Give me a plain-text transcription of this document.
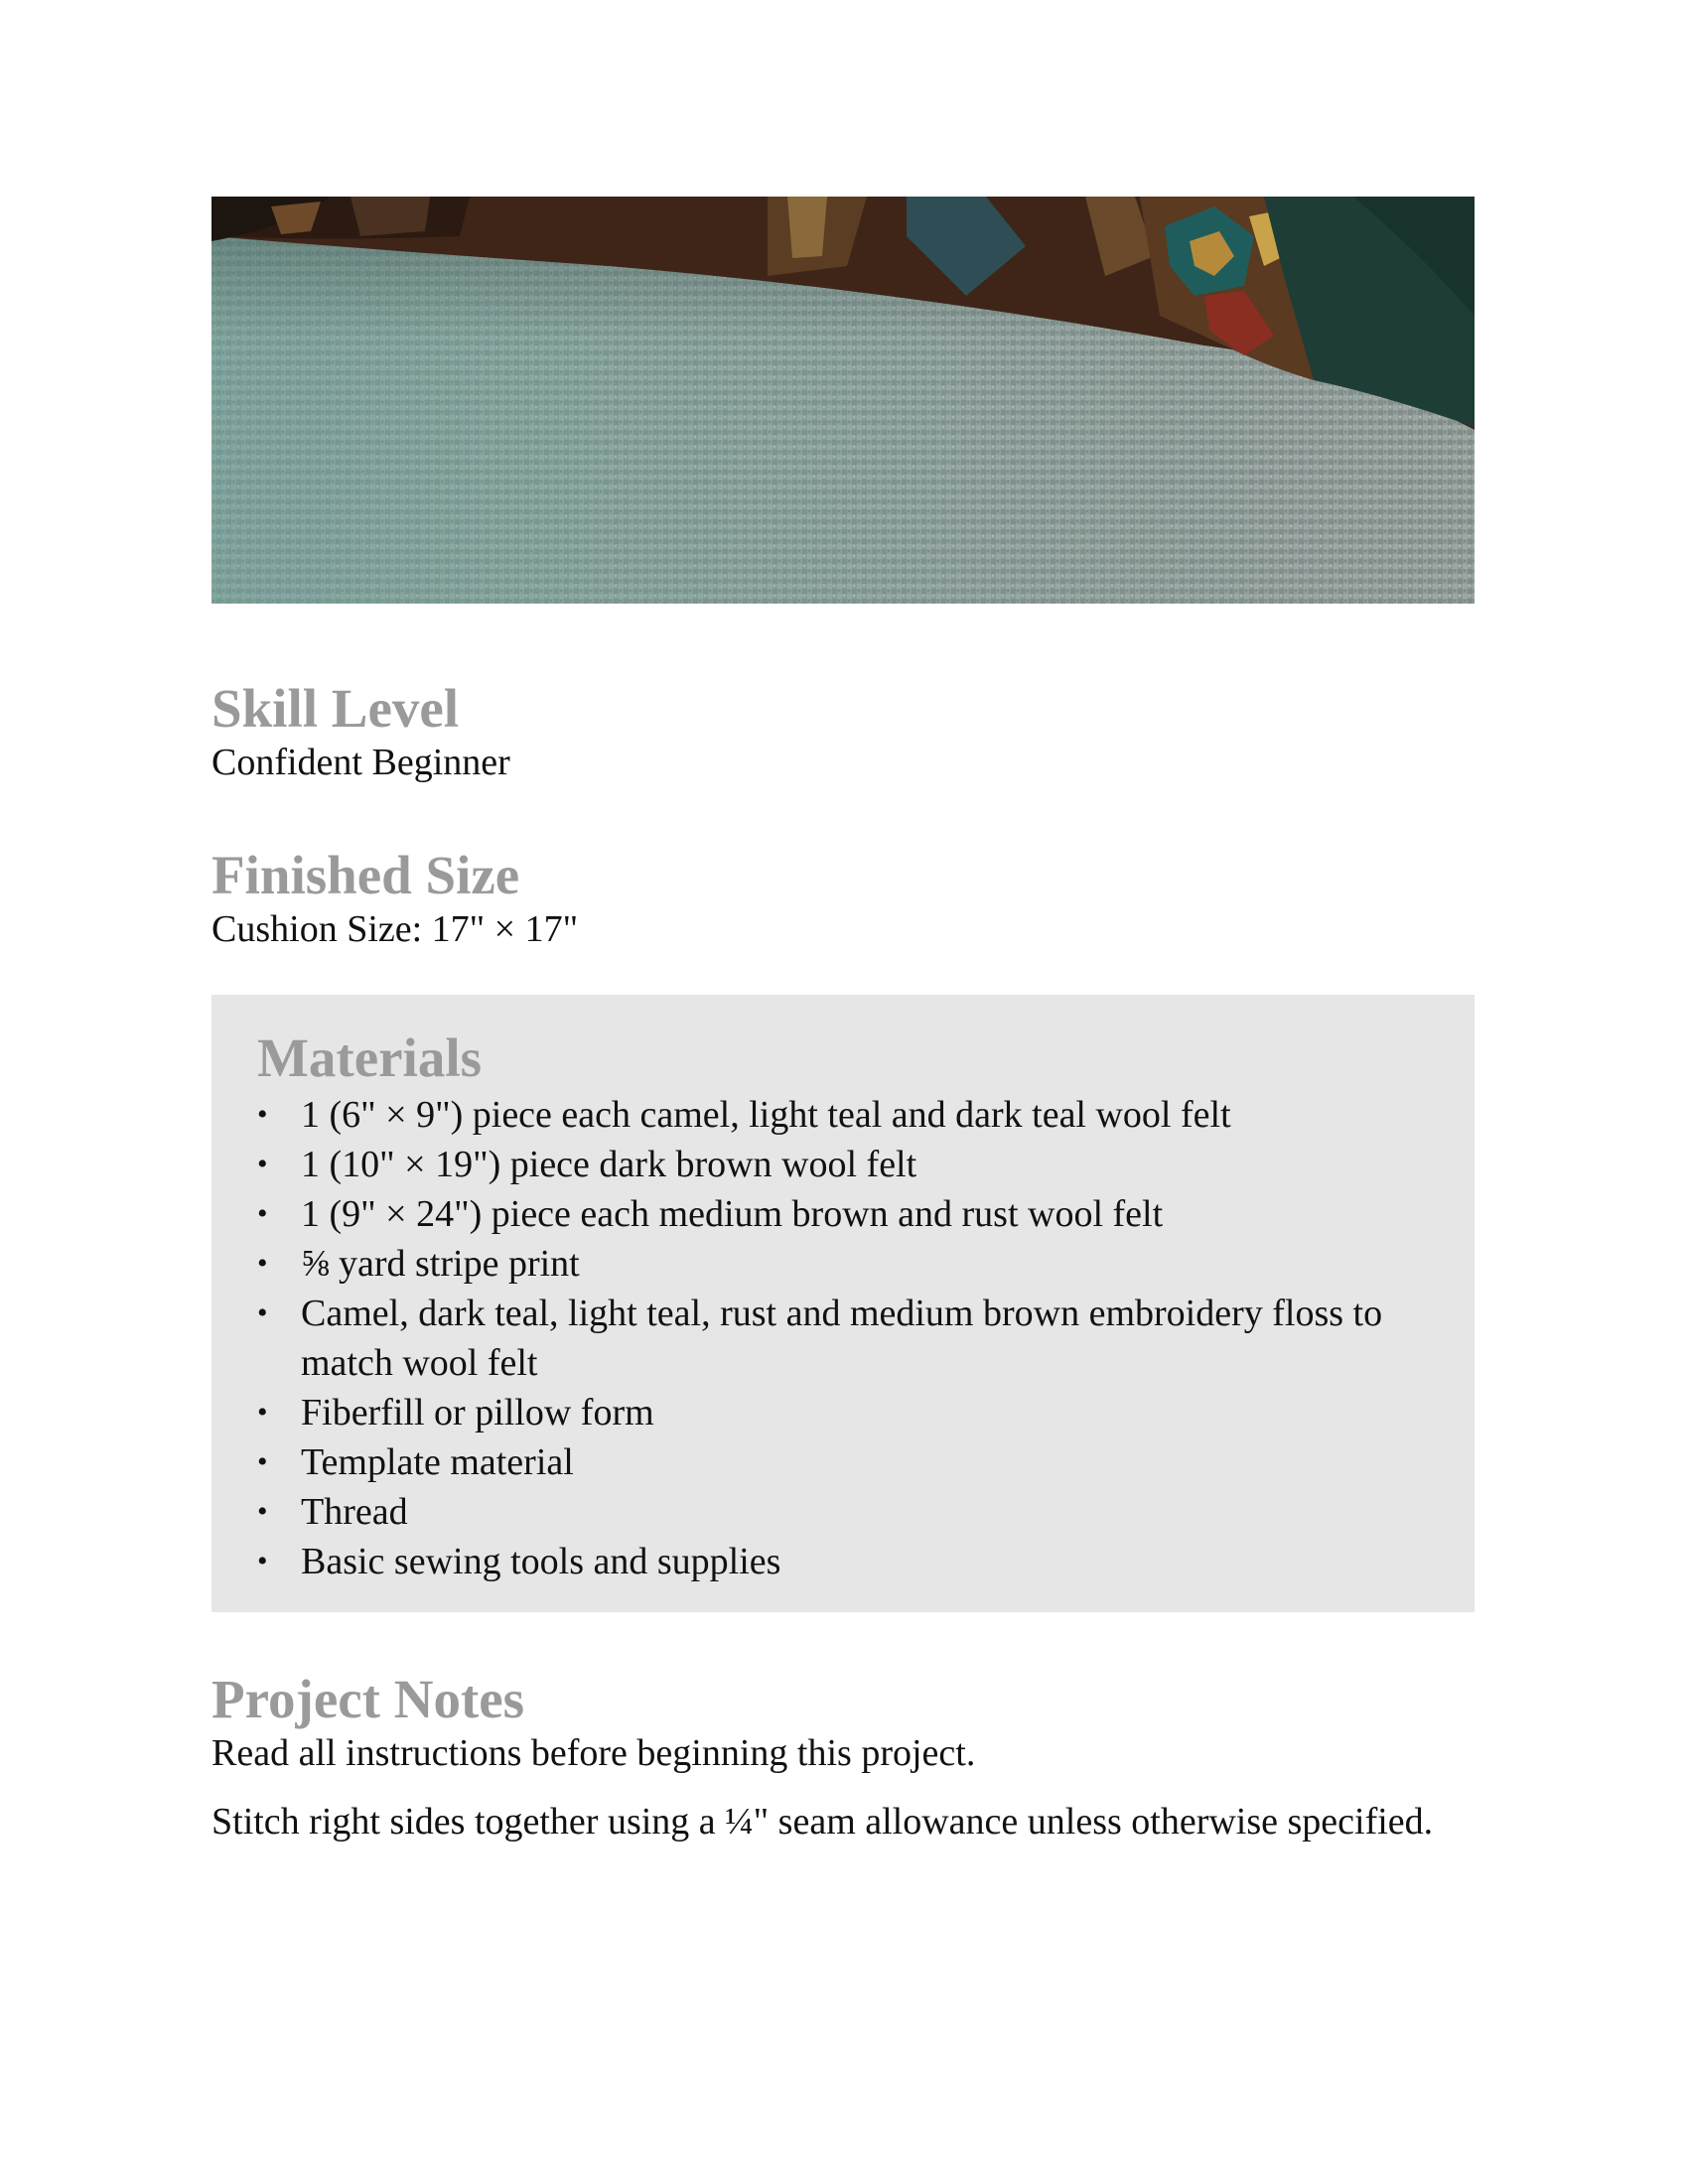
Skill Level

Confident Beginner

Finished Size

Cushion Size: 17" × 17"

Materials
• 1 (6" × 9") piece each camel, light teal and dark teal wool felt
• 1 (10" × 19") piece dark brown wool felt
• 1 (9" × 24") piece each medium brown and rust wool felt
• ⅝ yard stripe print
• Camel, dark teal, light teal, rust and medium brown embroidery floss to match wool felt
• Fiberfill or pillow form
• Template material
• Thread
• Basic sewing tools and supplies
Project Notes

Read all instructions before beginning this project.

Stitch right sides together using a ¼" seam allowance unless otherwise specified.
